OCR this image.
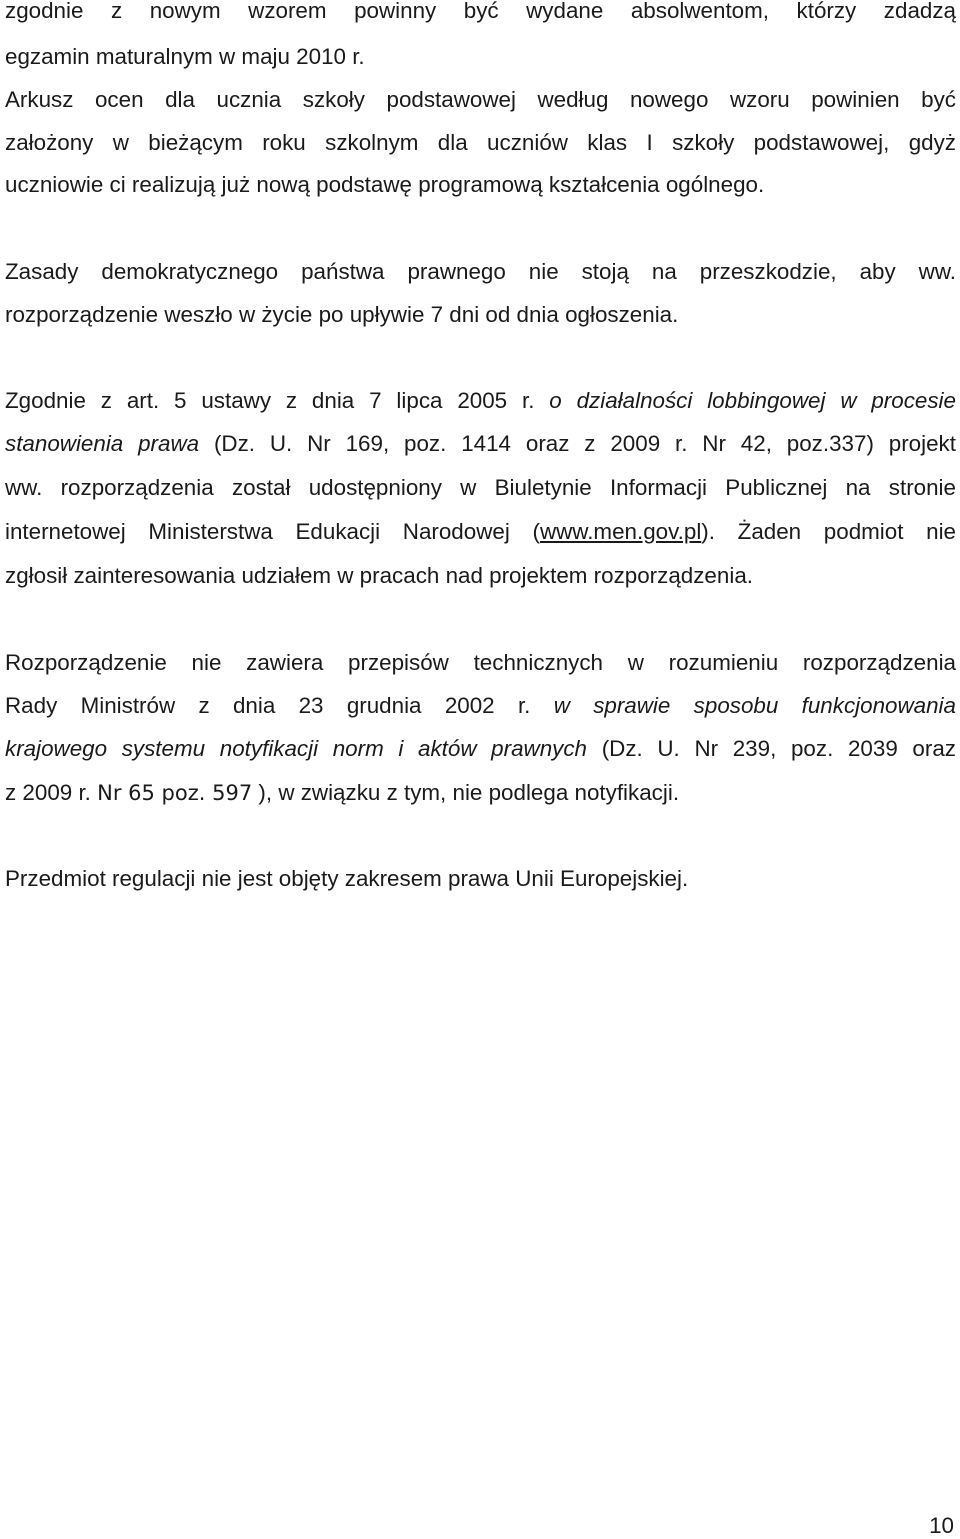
zgodnie z nowym wzorem powinny być wydane absolwentom, którzy zdadzą
egzamin maturalnym w maju 2010 r.
Arkusz ocen dla ucznia szkoły podstawowej według nowego wzoru powinien być
założony w bieżącym roku szkolnym dla uczniów klas I szkoły podstawowej, gdyż
uczniowie ci realizują już nową podstawę programową kształcenia ogólnego.
Zasady demokratycznego państwa prawnego nie stoją na przeszkodzie, aby ww.
rozporządzenie weszło w życie po upływie 7 dni od dnia ogłoszenia.
Zgodnie z art. 5 ustawy z dnia 7 lipca 2005 r. o działalności lobbingowej w procesie
stanowienia prawa (Dz. U. Nr 169, poz. 1414 oraz z 2009 r. Nr 42, poz.337) projekt
ww. rozporządzenia został udostępniony w Biuletynie Informacji Publicznej na stronie
internetowej Ministerstwa Edukacji Narodowej (www.men.gov.pl). Żaden podmiot nie
zgłosił zainteresowania udziałem w pracach nad projektem rozporządzenia.
Rozporządzenie nie zawiera przepisów technicznych w rozumieniu rozporządzenia
Rady Ministrów z dnia 23 grudnia 2002 r. w sprawie sposobu funkcjonowania
krajowego systemu notyfikacji norm i aktów prawnych (Dz. U. Nr 239, poz. 2039 oraz
z 2009 r. Nr 65 poz. 597 ), w związku z tym, nie podlega notyfikacji.
Przedmiot regulacji nie jest objęty zakresem prawa Unii Europejskiej.
10
